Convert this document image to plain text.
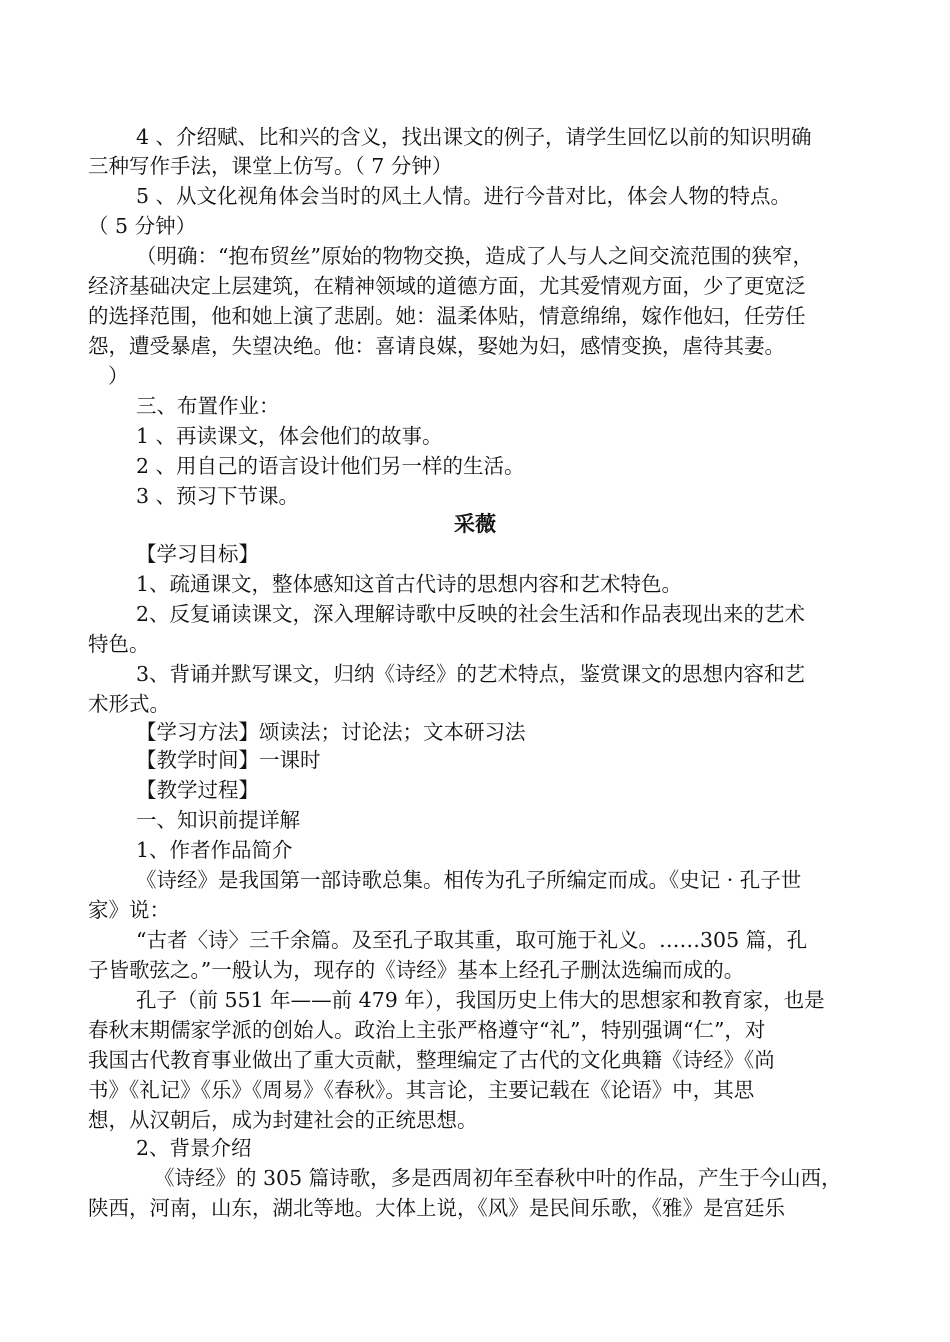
4 、介绍赋、比和兴的含义，找出课文的例子，请学生回忆以前的知识明确
三种写作手法，课堂上仿写。（ 7 分钟）
5 、从文化视角体会当时的风土人情。进行今昔对比，体会人物的特点。
（ 5 分钟）
（明确：“抱布贸丝”原始的物物交换，造成了人与人之间交流范围的狭窄，
经济基础决定上层建筑，在精神领域的道德方面，尤其爱情观方面，少了更宽泛
的选择范围，他和她上演了悲剧。她：温柔体贴，情意绵绵，嫁作他妇，任劳任
怨，遭受暴虐，失望决绝。他：喜请良媒，娶她为妇，感情变换，虐待其妻。
）
三、布置作业：
1 、再读课文，体会他们的故事。
2 、用自己的语言设计他们另一样的生活。
3 、预习下节课。
采薇
【学习目标】
1、疏通课文，整体感知这首古代诗的思想内容和艺术特色。
2、反复诵读课文，深入理解诗歌中反映的社会生活和作品表现出来的艺术
特色。
3、背诵并默写课文，归纳《诗经》的艺术特点，鉴赏课文的思想内容和艺
术形式。
【学习方法】颂读法；讨论法；文本研习法
【教学时间】一课时
【教学过程】
一、知识前提详解
1、作者作品简介
《诗经》是我国第一部诗歌总集。相传为孔子所编定而成。《史记 · 孔子世
家》说：
“古者〈诗〉三千余篇。及至孔子取其重，取可施于礼义。……305 篇，孔
子皆歌弦之。”一般认为，现存的《诗经》基本上经孔子删汰选编而成的。
孔子（前 551 年——前 479 年），我国历史上伟大的思想家和教育家，也是
春秋末期儒家学派的创始人。政治上主张严格遵守“礼”，特别强调“仁”，对
我国古代教育事业做出了重大贡献，整理编定了古代的文化典籍《诗经》《尚
书》《礼记》《乐》《周易》《春秋》。其言论，主要记载在《论语》中，其思
想，从汉朝后，成为封建社会的正统思想。
2、背景介绍
《诗经》的 305 篇诗歌，多是西周初年至春秋中叶的作品，产生于今山西，
陕西，河南，山东，湖北等地。大体上说，《风》是民间乐歌，《雅》是宫廷乐
